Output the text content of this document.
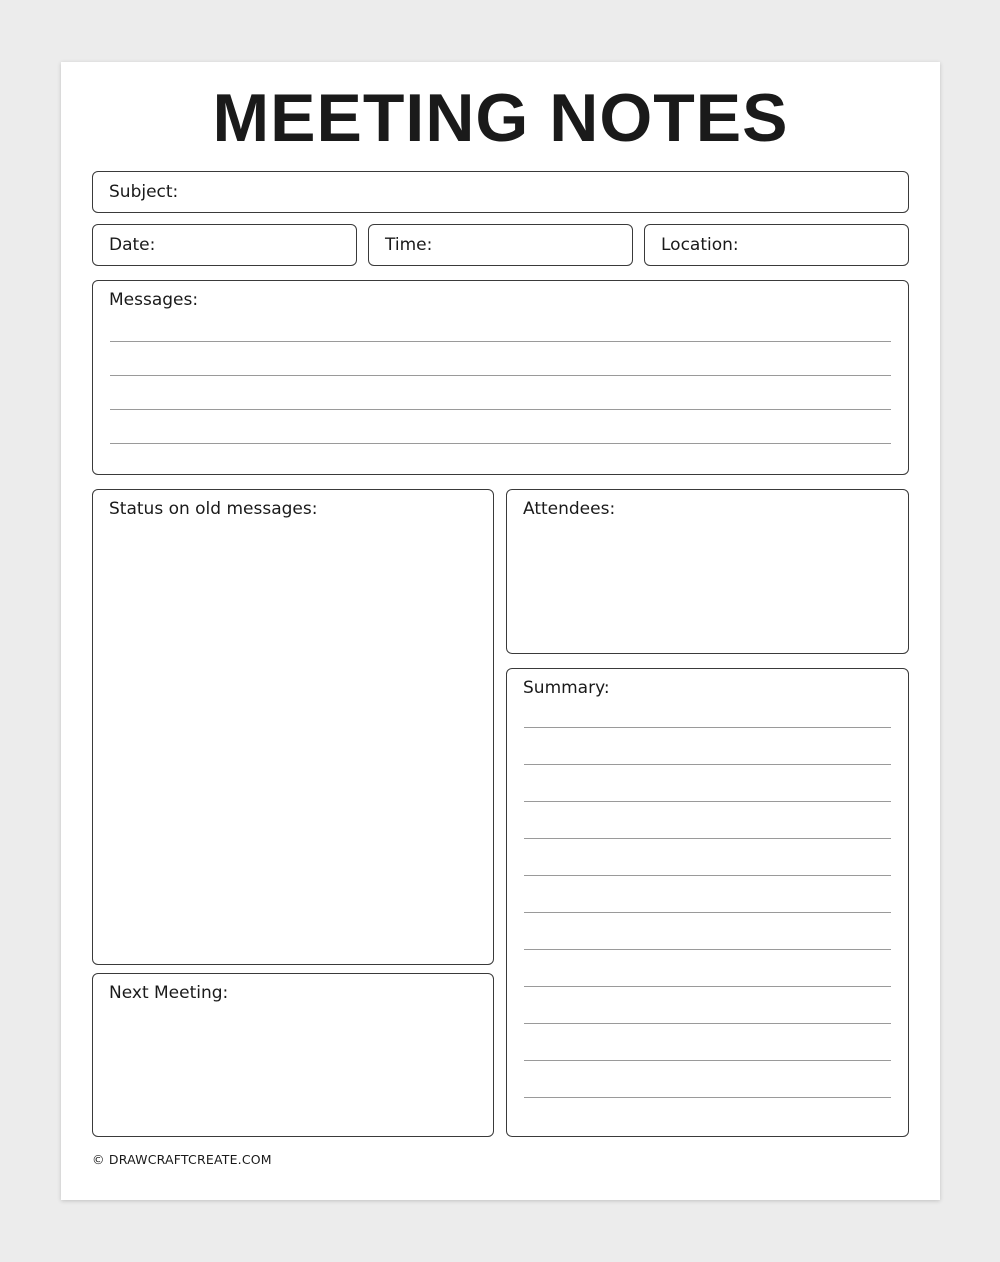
MEETING NOTES
Subject:
Date:	Time:	Location:
Messages:
Status on old messages:	Attendees:
Summary:
Next Meeting:
© DRAWCRAFTCREATE.COM
